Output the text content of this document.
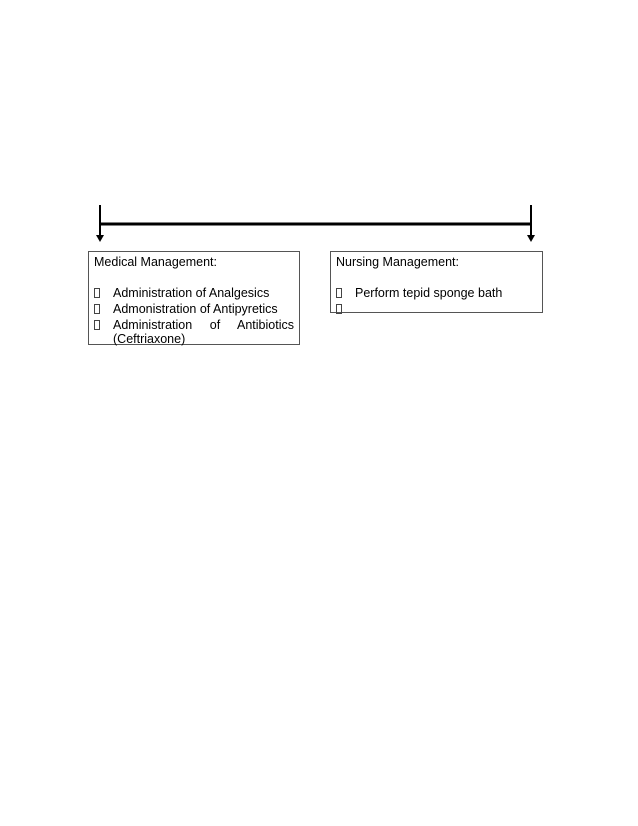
Medical Management:
Administration of Analgesics
Admonistration of Antipyretics
Administration of Antibiotics
(Ceftriaxone)
Nursing Management:
Perform tepid sponge bath
